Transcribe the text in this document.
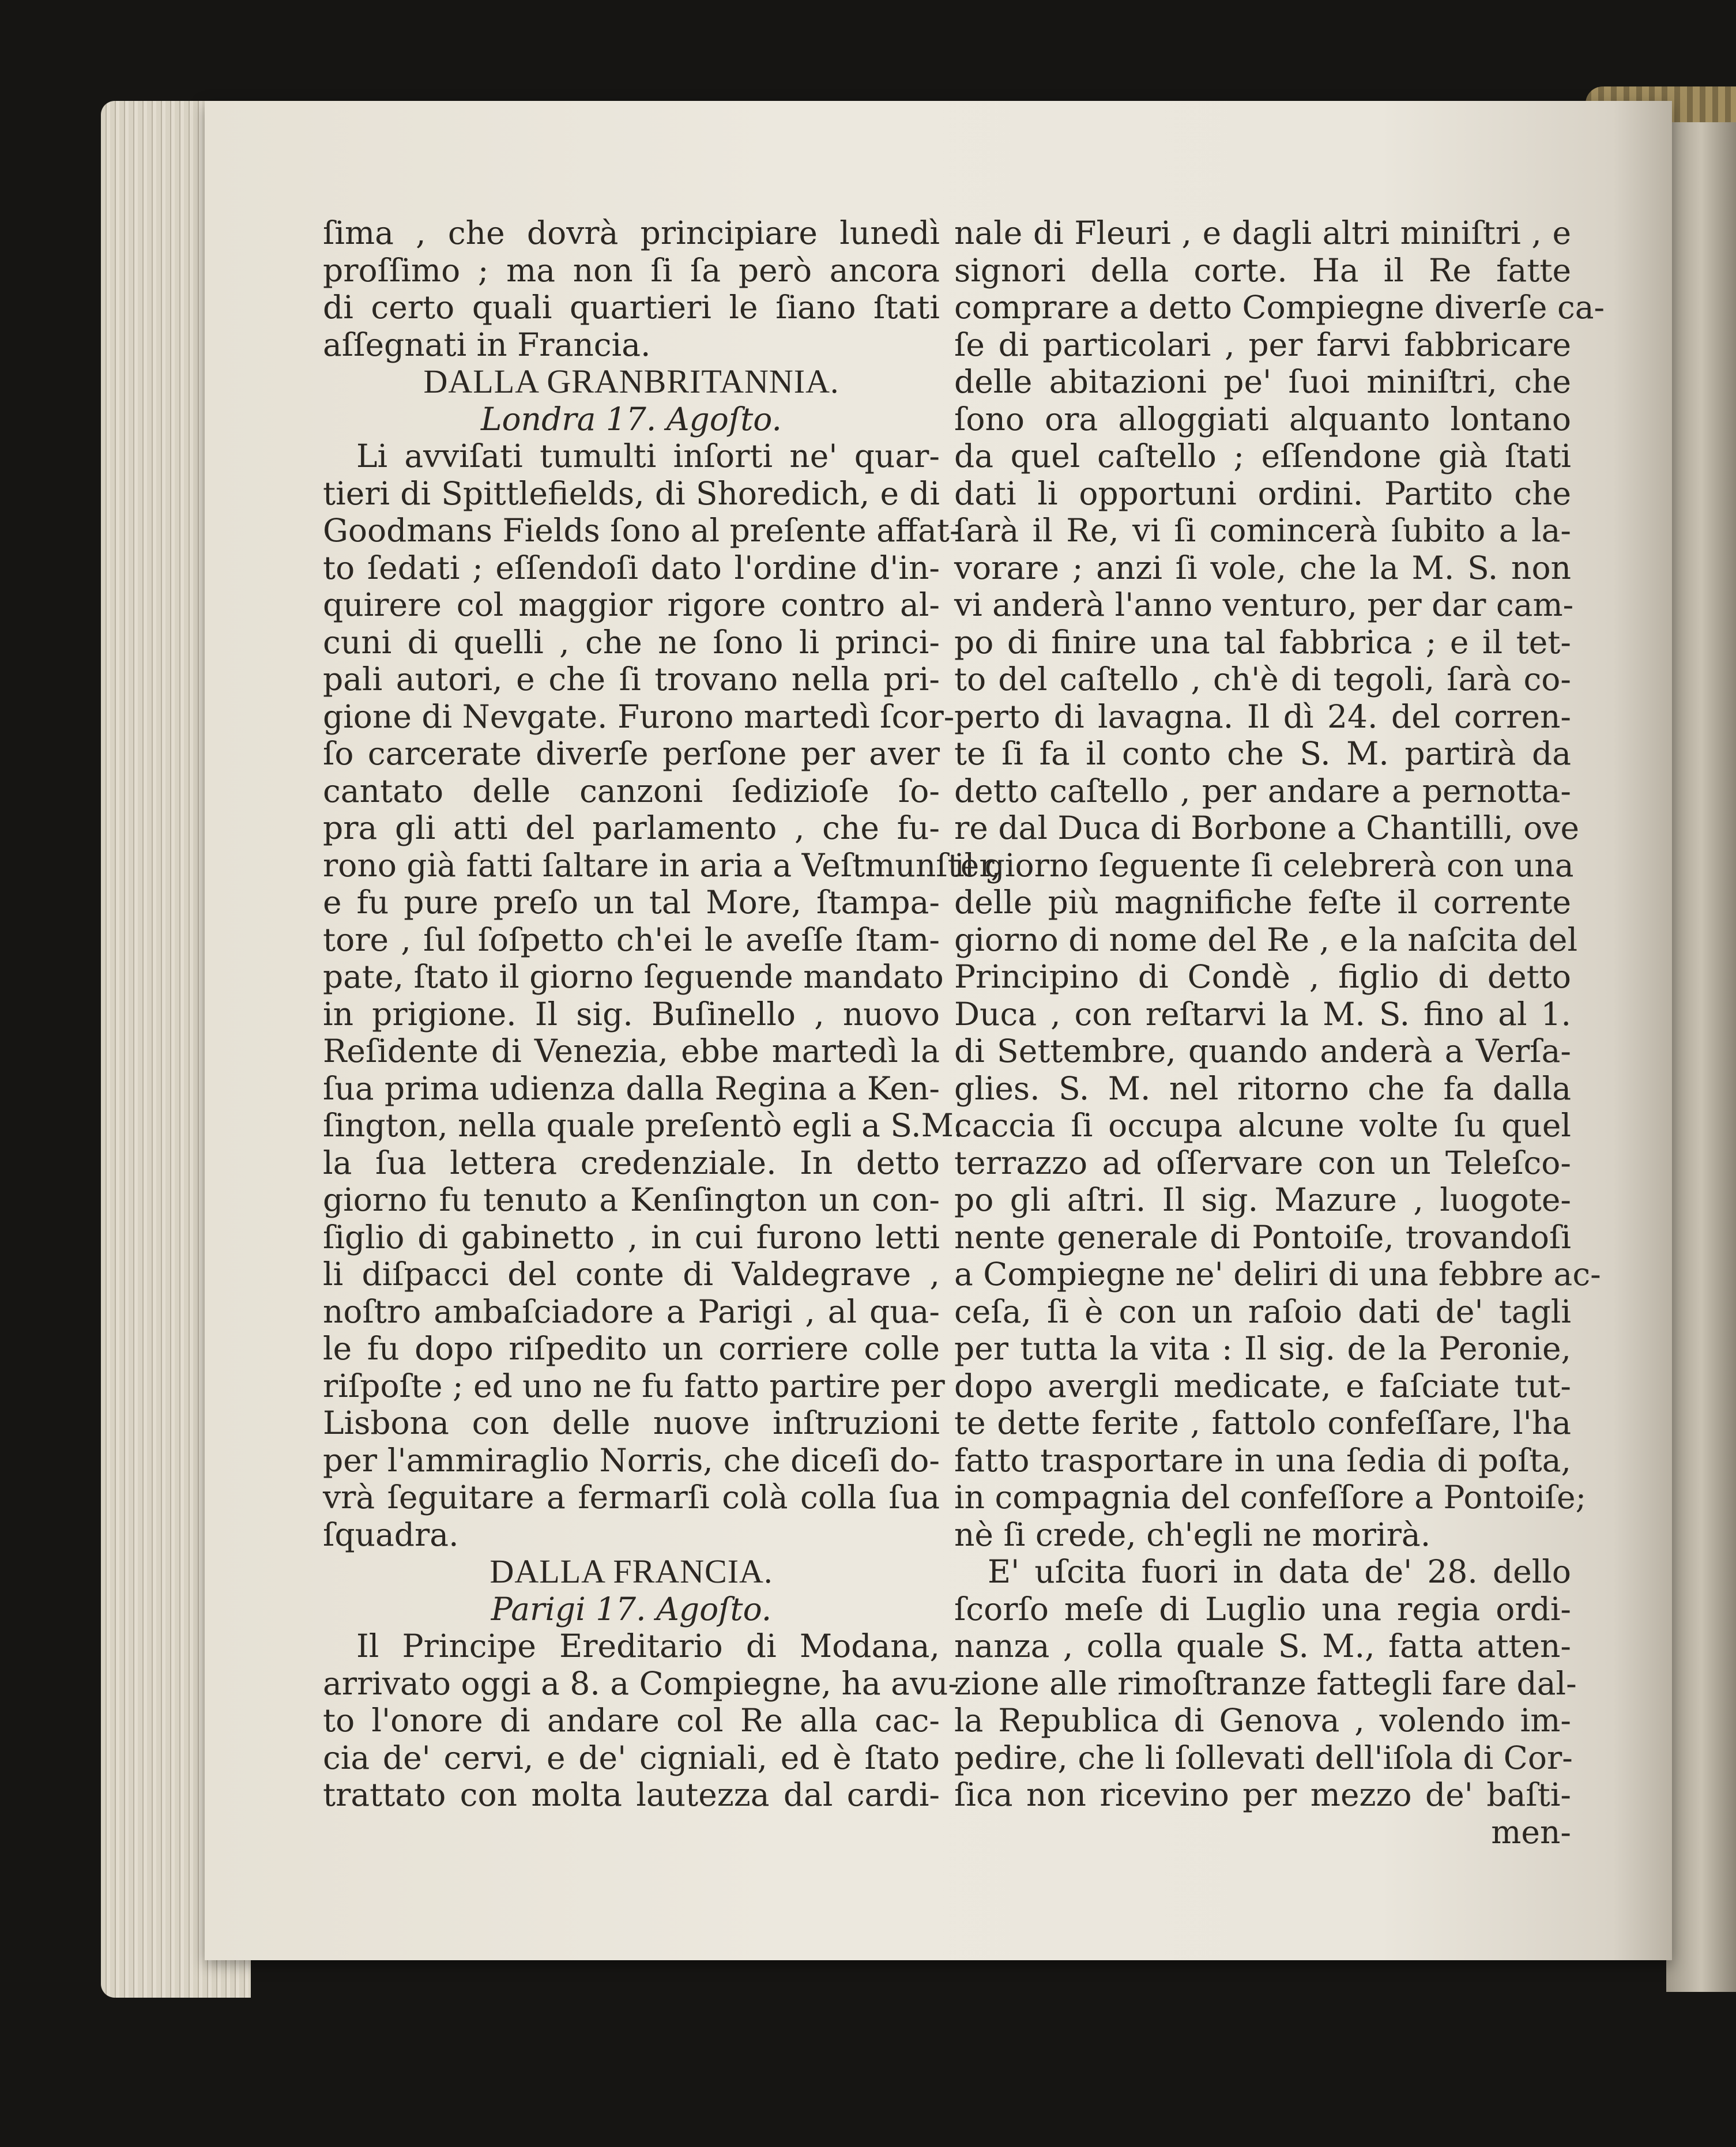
ſima , che dovrà principiare lunedì
proſſimo ; ma non ſi ſa però ancora
di certo quali quartieri le ſiano ſtati
aſſegnati in Francia.
DALLA GRANBRITANNIA.
Londra 17. Agoſto.
Li avviſati tumulti inſorti ne' quar-
tieri di Spittlefields, di Shoredich, e di
Goodmans Fields ſono al preſente affat-
to ſedati ; eſſendoſi dato l'ordine d'in-
quirere col maggior rigore contro al-
cuni di quelli , che ne ſono li princi-
pali autori, e che ſi trovano nella pri-
gione di Nevgate. Furono martedì ſcor-
ſo carcerate diverſe perſone per aver
cantato delle canzoni ſedizioſe ſo-
pra gli atti del parlamento , che fu-
rono già fatti ſaltare in aria a Veſtmunſter,
e fu pure preſo un tal More, ſtampa-
tore , ſul ſoſpetto ch'ei le aveſſe ſtam-
pate, ſtato il giorno ſeguende mandato
in prigione. Il sig. Buſinello , nuovo
Reſidente di Venezia, ebbe martedì la
ſua prima udienza dalla Regina a Ken-
ſington, nella quale preſentò egli a S.M.
la ſua lettera credenziale. In detto
giorno fu tenuto a Kenſington un con-
ſiglio di gabinetto , in cui furono letti
li diſpacci del conte di Valdegrave ,
noſtro ambaſciadore a Parigi , al qua-
le fu dopo riſpedito un corriere colle
riſpoſte ; ed uno ne fu fatto partire per
Lisbona con delle nuove inſtruzioni
per l'ammiraglio Norris, che diceſi do-
vrà ſeguitare a fermarſi colà colla ſua
ſquadra.
DALLA FRANCIA.
Parigi 17. Agoſto.
Il Principe Ereditario di Modana,
arrivato oggi a 8. a Compiegne, ha avu-
to l'onore di andare col Re alla cac-
cia de' cervi, e de' cigniali, ed è ſtato
trattato con molta lautezza dal cardi-
nale di Fleuri , e dagli altri miniſtri , e
signori della corte. Ha il Re fatte
comprare a detto Compiegne diverſe ca-
ſe di particolari , per farvi fabbricare
delle abitazioni pe' ſuoi miniſtri, che
ſono ora alloggiati alquanto lontano
da quel caſtello ; eſſendone già ſtati
dati li opportuni ordini. Partito che
ſarà il Re, vi ſi comincerà ſubito a la-
vorare ; anzi ſi vole, che la M. S. non
vi anderà l'anno venturo, per dar cam-
po di finire una tal fabbrica ; e il tet-
to del caſtello , ch'è di tegoli, ſarà co-
perto di lavagna. Il dì 24. del corren-
te ſi fa il conto che S. M. partirà da
detto caſtello , per andare a pernotta-
re dal Duca di Borbone a Chantilli, ove
il giorno ſeguente ſi celebrerà con una
delle più magnifiche feſte il corrente
giorno di nome del Re , e la naſcita del
Principino di Condè , figlio di detto
Duca , con reſtarvi la M. S. fino al 1.
di Settembre, quando anderà a Verſa-
glies. S. M. nel ritorno che fa dalla
caccia ſi occupa alcune volte ſu quel
terrazzo ad oſſervare con un Teleſco-
po gli aſtri. Il sig. Mazure , luogote-
nente generale di Pontoiſe, trovandoſi
a Compiegne ne' deliri di una febbre ac-
ceſa, ſi è con un raſoio dati de' tagli
per tutta la vita : Il sig. de la Peronie,
dopo avergli medicate, e faſciate tut-
te dette ferite , fattolo confeſſare, l'ha
fatto trasportare in una ſedia di poſta,
in compagnia del confeſſore a Pontoiſe;
nè ſi crede, ch'egli ne morirà.
E' uſcita fuori in data de' 28. dello
ſcorſo meſe di Luglio una regia ordi-
nanza , colla quale S. M., fatta atten-
zione alle rimoſtranze fattegli fare dal-
la Republica di Genova , volendo im-
pedire, che li ſollevati dell'iſola di Cor-
ſica non ricevino per mezzo de' baſti-
men-
